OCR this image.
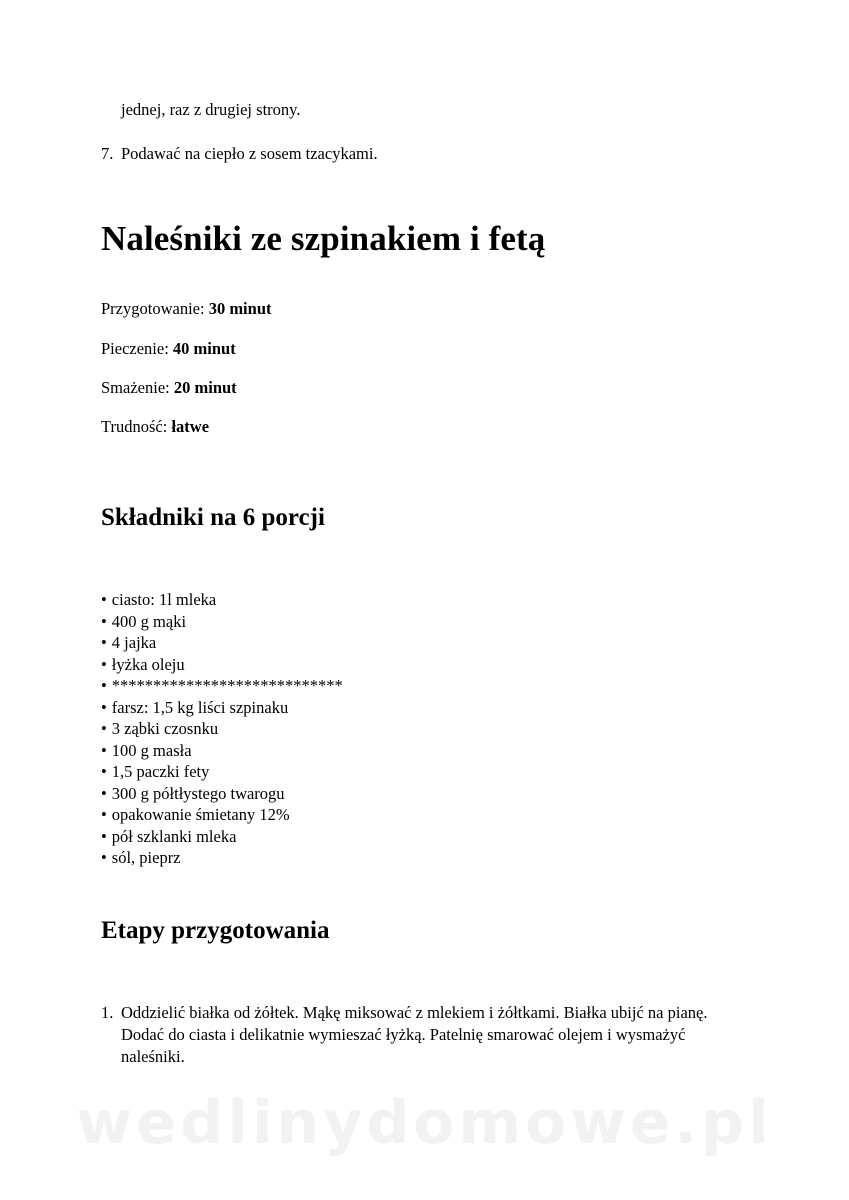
jednej, raz z drugiej strony.
7. Podawać na ciepło z sosem tzacykami.
Naleśniki ze szpinakiem i fetą
Przygotowanie: 30 minut
Pieczenie: 40 minut
Smażenie: 20 minut
Trudność: łatwe
Składniki na 6 porcji
• ciasto: 1l mleka
• 400 g mąki
• 4 jajka
• łyżka oleju
• ****************************
• farsz: 1,5 kg liści szpinaku
• 3 ząbki czosnku
• 100 g masła
• 1,5 paczki fety
• 300 g półtłystego twarogu
• opakowanie śmietany 12%
• pół szklanki mleka
• sól, pieprz
Etapy przygotowania
1. Oddzielić białka od żółtek. Mąkę miksować z mlekiem i żółtkami. Białka ubijć na pianę. Dodać do ciasta i delikatnie wymieszać łyżką. Patelnię smarować olejem i wysmażyć naleśniki.
wedlinydomowe.pl
